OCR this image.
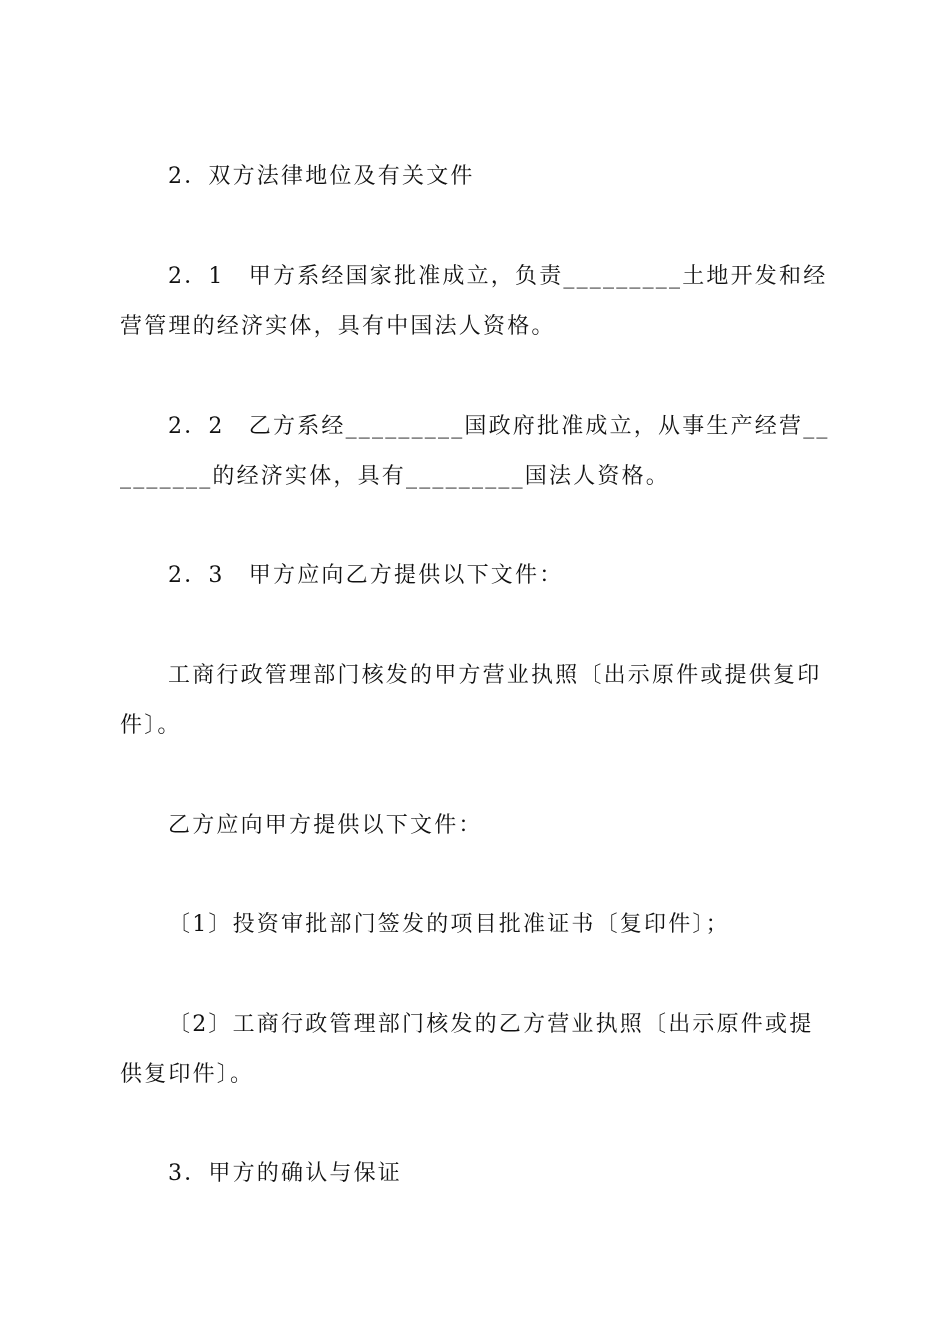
2．双方法律地位及有关文件

2．1　甲方系经国家批准成立，负责_________土地开发和经营管理的经济实体，具有中国法人资格。

2．2　乙方系经_________国政府批准成立，从事生产经营_________的经济实体，具有_________国法人资格。

2．3　甲方应向乙方提供以下文件：

工商行政管理部门核发的甲方营业执照〔出示原件或提供复印件〕。

乙方应向甲方提供以下文件：

〔1〕投资审批部门签发的项目批准证书〔复印件〕；

〔2〕工商行政管理部门核发的乙方营业执照〔出示原件或提供复印件〕。

3．甲方的确认与保证
